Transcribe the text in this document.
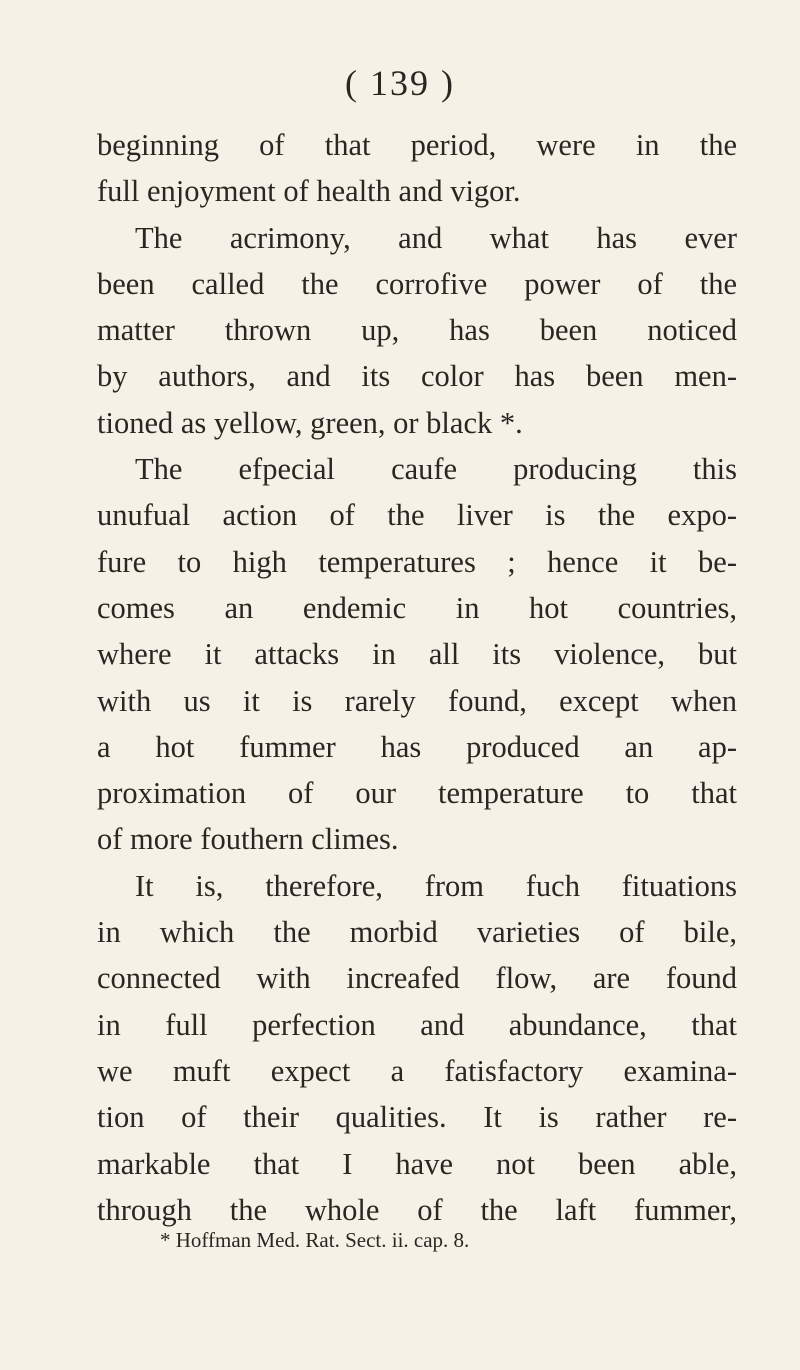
( 139 )
beginning of that period, were in the
full enjoyment of health and vigor.
The acrimony, and what has ever
been called the corrofive power of the
matter thrown up, has been noticed
by authors, and its color has been men-
tioned as yellow, green, or black *.
The efpecial caufe producing this
unufual action of the liver is the expo-
fure to high temperatures ; hence it be-
comes an endemic in hot countries,
where it attacks in all its violence, but
with us it is rarely found, except when
a hot fummer has produced an ap-
proximation of our temperature to that
of more fouthern climes.
It is, therefore, from fuch fituations
in which the morbid varieties of bile,
connected with increafed flow, are found
in full perfection and abundance, that
we muft expect a fatisfactory examina-
tion of their qualities. It is rather re-
markable that I have not been able,
through the whole of the laft fummer,
* Hoffman Med. Rat. Sect. ii. cap. 8.
